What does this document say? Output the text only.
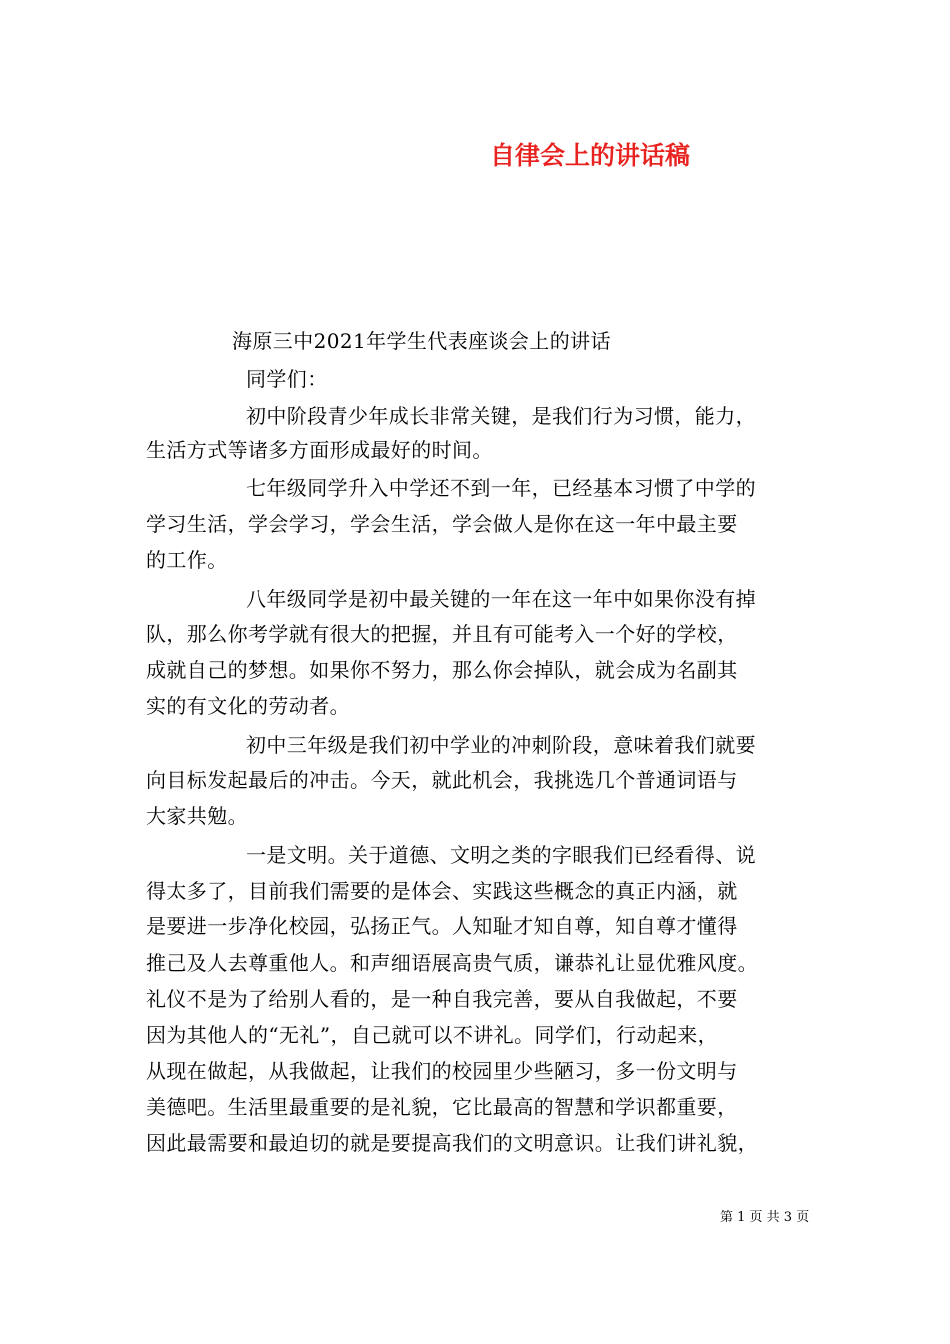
自律会上的讲话稿
海原三中2021年学生代表座谈会上的讲话
同学们：
初中阶段青少年成长非常关键，是我们行为习惯，能力，
生活方式等诸多方面形成最好的时间。
七年级同学升入中学还不到一年，已经基本习惯了中学的
学习生活，学会学习，学会生活，学会做人是你在这一年中最主要
的工作。
八年级同学是初中最关键的一年在这一年中如果你没有掉
队，那么你考学就有很大的把握，并且有可能考入一个好的学校，
成就自己的梦想。如果你不努力，那么你会掉队，就会成为名副其
实的有文化的劳动者。
初中三年级是我们初中学业的冲刺阶段，意味着我们就要
向目标发起最后的冲击。今天，就此机会，我挑选几个普通词语与
大家共勉。
一是文明。关于道德、文明之类的字眼我们已经看得、说
得太多了，目前我们需要的是体会、实践这些概念的真正内涵，就
是要进一步净化校园，弘扬正气。人知耻才知自尊，知自尊才懂得
推己及人去尊重他人。和声细语展高贵气质，谦恭礼让显优雅风度。
礼仪不是为了给别人看的，是一种自我完善，要从自我做起，不要
因为其他人的“无礼”，自己就可以不讲礼。同学们，行动起来，
从现在做起，从我做起，让我们的校园里少些陋习，多一份文明与
美德吧。生活里最重要的是礼貌，它比最高的智慧和学识都重要，
因此最需要和最迫切的就是要提高我们的文明意识。让我们讲礼貌，
第 1 页 共 3 页
